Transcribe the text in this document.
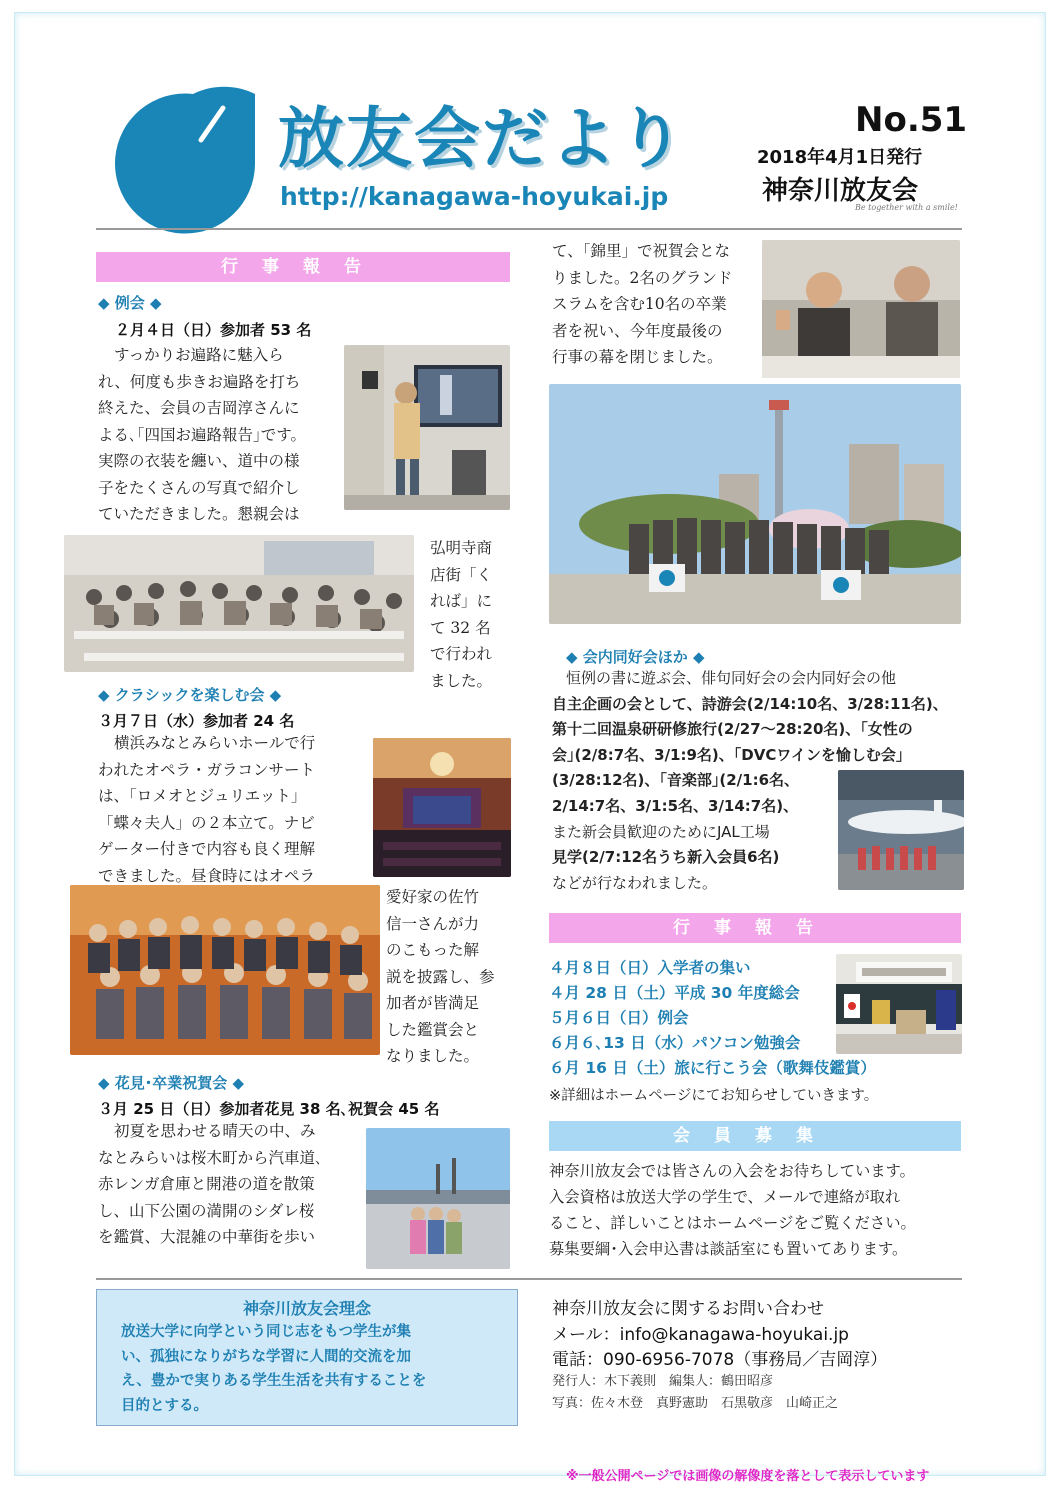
放友会だより
http://kanagawa-hoyukai.jp
No.51
2018年4月1日発行
神奈川放友会
Be together with a smile!
行事報告
◆ 例会 ◆
２月４日（日）参加者 53 名
すっかりお遍路に魅入ら
れ、何度も歩きお遍路を打ち
終えた、会員の吉岡淳さんに
よる､｢四国お遍路報告｣です。
実際の衣装を纏い、道中の様
子をたくさんの写真で紹介し
ていただきました。懇親会は
弘明寺商
店街「く
れば」に
て 32 名
で行われ
ました。
◆ クラシックを楽しむ会 ◆
３月７日（水）参加者 24 名
横浜みなとみらいホールで行
われたオペラ・ガラコンサート
は、「ロメオとジュリエット」
「蝶々夫人」の２本立て。ナビ
ゲーター付きで内容も良く理解
できました。昼食時にはオペラ
愛好家の佐竹
信一さんが力
のこもった解
説を披露し、参
加者が皆満足
した鑑賞会と
なりました。
◆ 花見･卒業祝賀会 ◆
３月 25 日（日）参加者花見 38 名､祝賀会 45 名
初夏を思わせる晴天の中、み
なとみらいは桜木町から汽車道､
赤レンガ倉庫と開港の道を散策
し、山下公園の満開のシダレ桜
を鑑賞、大混雑の中華街を歩い
て、「錦里」で祝賀会とな
りました。2名のグランド
スラムを含む10名の卒業
者を祝い、今年度最後の
行事の幕を閉じました。
◆ 会内同好会ほか ◆
恒例の書に遊ぶ会、俳句同好会の会内同好会の他
自主企画の会として、詩游会(2/14:10名、3/28:11名)、
第十二回温泉研研修旅行(2/27〜28:20名)、｢女性の
会｣(2/8:7名、3/1:9名)、「DVCワインを愉しむ会」
(3/28:12名)、｢音楽部｣(2/1:6名、
2/14:7名、3/1:5名、3/14:7名)、
また新会員歓迎のためにJAL工場
見学(2/7:12名うち新入会員6名)
などが行なわれました。
行事報告
４月８日（日）入学者の集い
４月 28 日（土）平成 30 年度総会
５月６日（日）例会
６月６､13 日（水）パソコン勉強会
６月 16 日（土）旅に行こう会（歌舞伎鑑賞）
※詳細はホームページにてお知らせしていきます。
会員募集
神奈川放友会では皆さんの入会をお待ちしています。
入会資格は放送大学の学生で、メールで連絡が取れ
ること、詳しいことはホームページをご覧ください。
募集要綱･入会申込書は談話室にも置いてあります。
神奈川放友会理念
放送大学に向学という同じ志をもつ学生が集
い、孤独になりがちな学習に人間的交流を加
え、豊かで実りある学生生活を共有することを
目的とする。
神奈川放友会に関するお問い合わせ
メール：info@kanagawa-hoyukai.jp
電話：090-6956-7078（事務局／吉岡淳）
発行人：木下義則　編集人：鶴田昭彦
写真：佐々木登　真野憲助　石黒敬彦　山崎正之
※一般公開ページでは画像の解像度を落として表示しています
